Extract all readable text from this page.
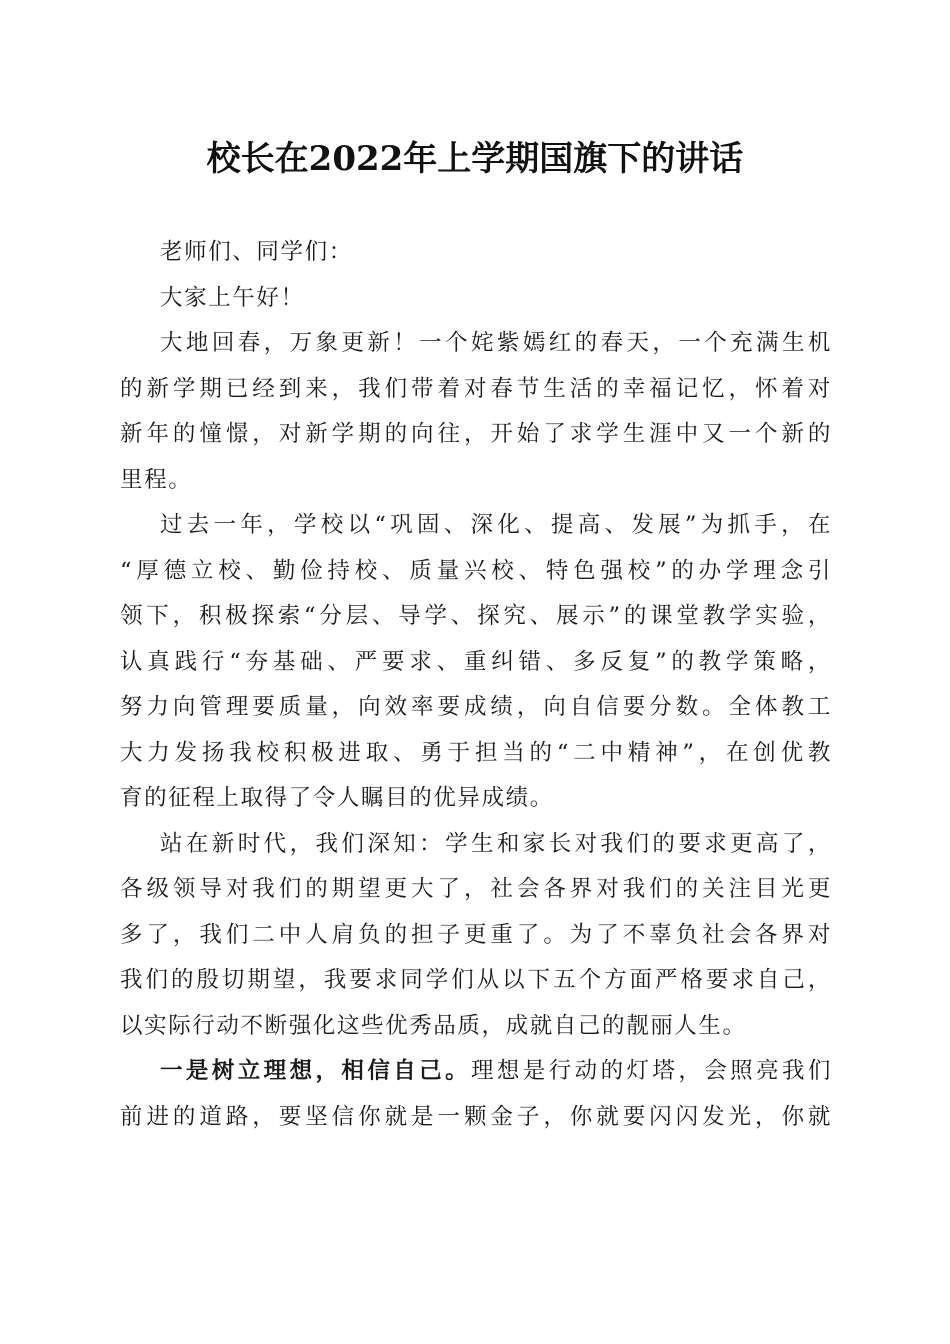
校长在2022年上学期国旗下的讲话
老师们、同学们：
大家上午好！
大地回春，万象更新！一个姹紫嫣红的春天，一个充满生机
的新学期已经到来，我们带着对春节生活的幸福记忆，怀着对
新年的憧憬，对新学期的向往，开始了求学生涯中又一个新的
里程。
过去一年，学校以“巩固、深化、提高、发展”为抓手，在
“厚德立校、勤俭持校、质量兴校、特色强校”的办学理念引
领下，积极探索“分层、导学、探究、展示”的课堂教学实验，
认真践行“夯基础、严要求、重纠错、多反复”的教学策略，
努力向管理要质量，向效率要成绩，向自信要分数。全体教工
大力发扬我校积极进取、勇于担当的“二中精神”，在创优教
育的征程上取得了令人瞩目的优异成绩。
站在新时代，我们深知：学生和家长对我们的要求更高了，
各级领导对我们的期望更大了，社会各界对我们的关注目光更
多了，我们二中人肩负的担子更重了。为了不辜负社会各界对
我们的殷切期望，我要求同学们从以下五个方面严格要求自己，
以实际行动不断强化这些优秀品质，成就自己的靓丽人生。
一是树立理想，相信自己。理想是行动的灯塔，会照亮我们
前进的道路，要坚信你就是一颗金子，你就要闪闪发光，你就
